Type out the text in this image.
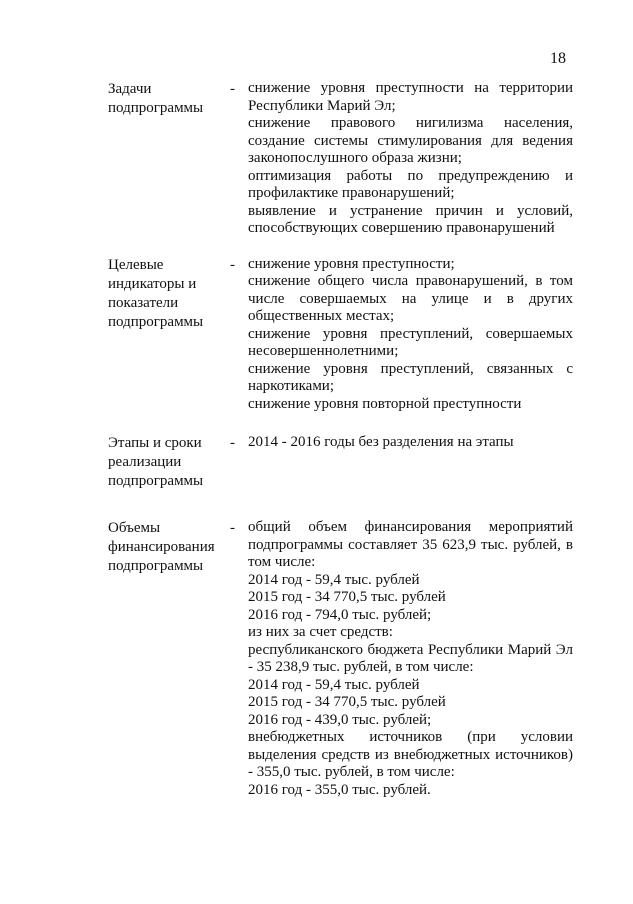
18
Задачи
подпрограммы
- снижение уровня преступности на территории Республики Марий Эл;
снижение правового нигилизма населения, создание системы стимулирования для ведения законопослушного образа жизни;
оптимизация работы по предупреждению и профилактике правонарушений;
выявление и устранение причин и условий, способствующих совершению правонарушений
Целевые
индикаторы и
показатели
подпрограммы
- снижение уровня преступности;
снижение общего числа правонарушений, в том числе совершаемых на улице и в других общественных местах;
снижение уровня преступлений, совершаемых несовершеннолетними;
снижение уровня преступлений, связанных с наркотиками;
снижение уровня повторной преступности
Этапы и сроки
реализации
подпрограммы
- 2014 - 2016 годы без разделения на этапы
Объемы
финансирования
подпрограммы
- общий объем финансирования мероприятий подпрограммы составляет 35 623,9 тыс. рублей, в том числе:
2014 год - 59,4 тыс. рублей
2015 год - 34 770,5 тыс. рублей
2016 год - 794,0 тыс. рублей;
из них за счет средств:
республиканского бюджета Республики Марий Эл - 35 238,9 тыс. рублей, в том числе:
2014 год - 59,4 тыс. рублей
2015 год - 34 770,5 тыс. рублей
2016 год - 439,0 тыс. рублей;
внебюджетных источников (при условии выделения средств из внебюджетных источников) - 355,0 тыс. рублей, в том числе:
2016 год - 355,0 тыс. рублей.
